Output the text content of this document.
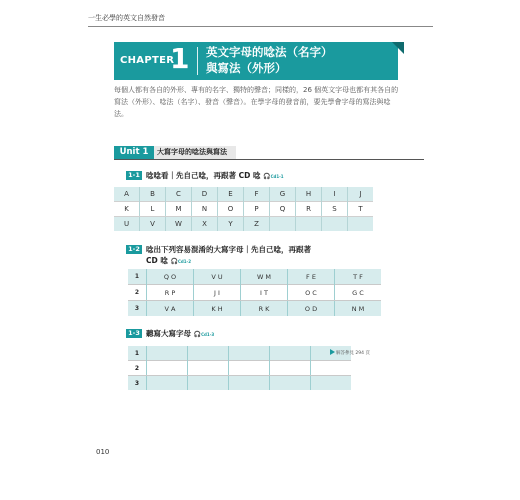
一生必學的英文自然發音
CHAPTER
1 英文字母的唸法（名字）
與寫法（外形）
每個人都有各自的外形、專有的名字、獨特的聲音；同樣的，26 個英文字母也都有其各自的寫法（外形）、唸法（名字）、發音（聲音）。在學字母的發音前，要先學會字母的寫法與唸法。
Unit 1	大寫字母的唸法與寫法
1-1 唸唸看｜先自己唸，再跟著 CD 唸 🎧Cd1-1
A	B	C	D	E	F	G	H	I	J
K	L	M	N	O	P	Q	R	S	T
U	V	W	X	Y	Z				
1-2 唸出下列容易混淆的大寫字母｜先自己唸，再跟著
CD 唸 🎧Cd1-2
1	Q O	V U	W M	F E	T F
2	R P	J I	I T	O C	G C
3	V A	K H	R K	O D	N M
1-3 聽寫大寫字母 🎧Cd1-3
1					
2					
3					
解答參見 294 頁
010
